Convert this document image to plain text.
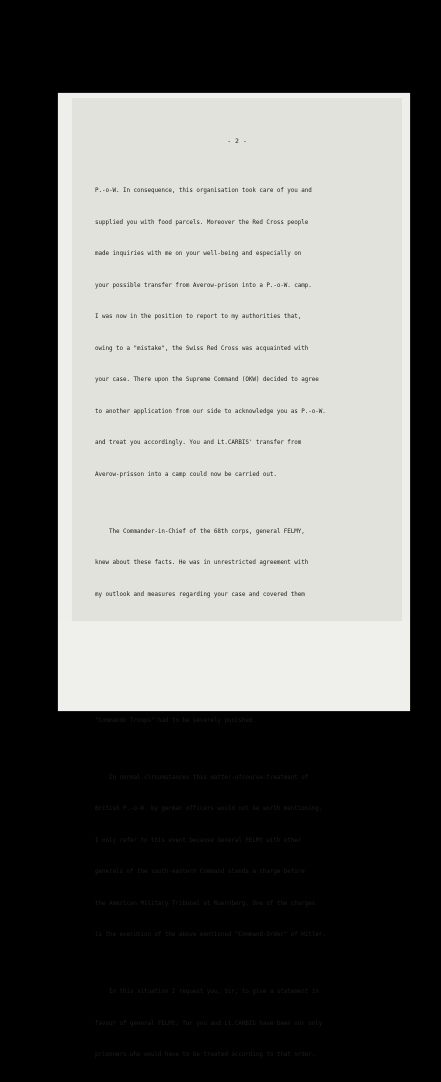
- 2 -

P.-o-W. In consequence, this organisation took care of you and

supplied you with food parcels. Moreover the Red Cross people

made inquiries with me on your well-being and especially on

your possible transfer from Averow-prison into a P.-o-W. camp.

I was now in the position to report to my authorities that,

owing to a "mistake", the Swiss Red Cross was acquainted with

your case. There upon the Supreme Command (OKW) decided to agree

to another application from our side to acknowledge you as P.-o-W.

and treat you accordingly. You and Lt.CARBIS' transfer from

Averow-prisson into a camp could now be carried out.

The Commander-in-Chief of the 68th corps, general FELMY,

knew about these facts. He was in unrestricted agreement with

my outlook and measures regarding your case and covered them

"Commando Troops" had to be severely punished.

In normal circumstances this matter-ofcourse-treatment of

British P.-o-W. by german officers would not be worth mentioning.

I only refer to this event because General FELMY with other

generals of the south-eastern Command stands a charge before

the American Military Tribunal at Nuernberg. One of the charges

is the execution of the above mentioned "Command-Order" of Hitler.

In this situation I request you, Sir, to give a statement in

favour of general FELMY; for you and Lt.CARBIS have been our only

prisoners who would have to be treated according to that order.
